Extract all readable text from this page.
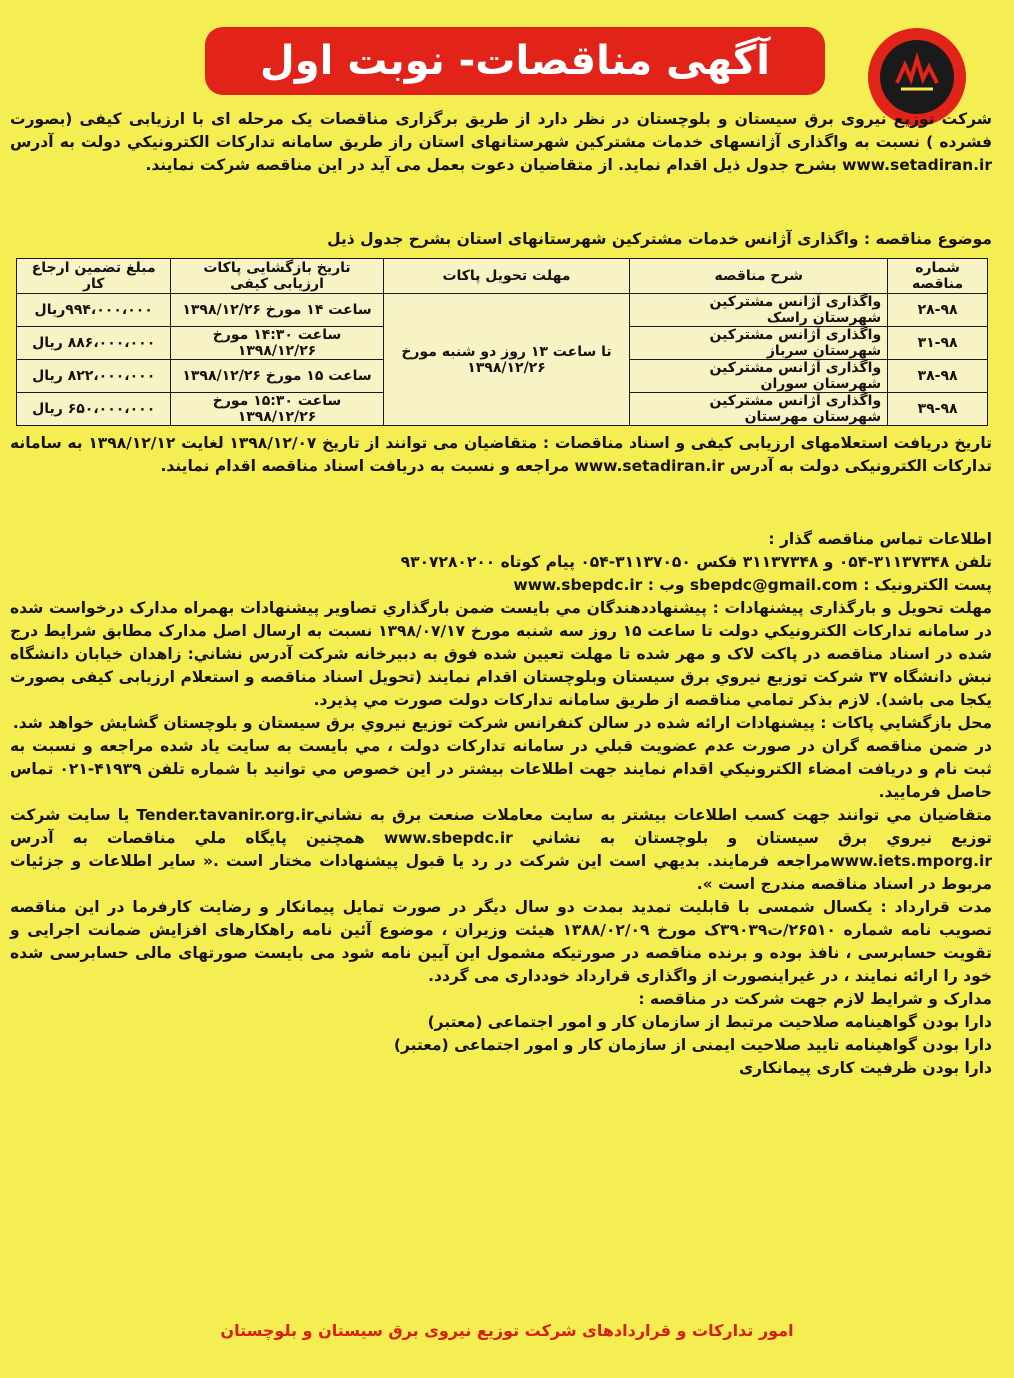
آگهی مناقصات- نوبت اول
شرکت توزیع نیروی برق سیستان و بلوچستان در نظر دارد از طریق برگزاری مناقصات یک مرحله ای با ارزیابی کیفی (بصورت فشرده ) نسبت به واگذاری آژانسهای خدمات مشترکین شهرستانهای استان راز طریق سامانه تدارکات الکترونیکي دولت به آدرس www.setadiran.ir بشرح جدول ذیل اقدام نماید. از متقاضیان دعوت بعمل می آید در این مناقصه شرکت نمایند.
موضوع مناقصه : واگذاری آژانس خدمات مشترکین شهرستانهای استان بشرح جدول ذیل
شماره مناقصه	شرح مناقصه	مهلت تحویل پاکات	تاریخ بازگشایی پاکات ارزیابی کیفی	مبلغ تضمین ارجاع کار
۲۸-۹۸	واگذاری آژانس مشترکین شهرستان راسک	تا ساعت ۱۳ روز دو شنبه مورخ ۱۳۹۸/۱۲/۲۶	ساعت ۱۴ مورخ ۱۳۹۸/۱۲/۲۶	۹۹۴،۰۰۰،۰۰۰ریال
۳۱-۹۸	واگذاری آژانس مشترکین شهرستان سرباز		ساعت ۱۴:۳۰ مورخ ۱۳۹۸/۱۲/۲۶	۸۸۶،۰۰۰،۰۰۰ ریال
۳۸-۹۸	واگذاری آژانس مشترکین شهرستان سوران		ساعت ۱۵ مورخ ۱۳۹۸/۱۲/۲۶	۸۲۲،۰۰۰،۰۰۰ ریال
۳۹-۹۸	واگذاری آژانس مشترکین شهرستان مهرستان		ساعت ۱۵:۳۰ مورخ ۱۳۹۸/۱۲/۲۶	۶۵۰،۰۰۰،۰۰۰ ریال
تاریخ دریافت استعلامهای ارزیابی کیفی و اسناد مناقصات : متقاضیان می توانند از تاریخ ۱۳۹۸/۱۲/۰۷ لغایت ۱۳۹۸/۱۲/۱۲ به سامانه تدارکات الکترونیکی دولت به آدرس www.setadiran.ir مراجعه و نسبت به دریافت اسناد مناقصه اقدام نمایند.
اطلاعات تماس مناقصه گذار :
تلفن ۳۱۱۳۷۳۴۸-۰۵۴ و ۳۱۱۳۷۳۴۸ فکس ۳۱۱۳۷۰۵۰-۰۵۴ پیام کوتاه ۹۳۰۷۲۸۰۲۰۰
پست الکترونیک : sbepdc@gmail.com وب : www.sbepdc.ir
مهلت تحویل و بارگذاری پیشنهادات : پیشنهاددهندگان مي بايست ضمن بارگذاري تصاوير پيشنهادات بهمراه مدارک درخواست شده در سامانه تدارکات الکترونيکي دولت تا ساعت ۱۵ روز سه شنبه مورخ ۱۳۹۸/۰۷/۱۷ نسبت به ارسال اصل مدارک مطابق شرایط درج شده در اسناد مناقصه در پاکت لاک و مهر شده تا مهلت تعیین شده فوق به دبیرخانه شرکت آدرس نشاني: زاهدان خيابان دانشگاه نبش دانشگاه ۳۷ شرکت توزيع نيروي برق سيستان وبلوچستان اقدام نمايند (تحويل اسناد مناقصه و استعلام ارزیابی کیفی بصورت یکجا می باشد). لازم بذکر تمامي مناقصه از طريق سامانه تدارکات دولت صورت مي پذيرد.
محل بازگشايي پاکات : پيشنهادات ارائه شده در سالن کنفرانس شرکت توزيع نيروي برق سيستان و بلوچستان گشايش خواهد شد.
در ضمن مناقصه گران در صورت عدم عضويت قبلي در سامانه تدارکات دولت ، مي بايست به سايت ياد شده مراجعه و نسبت به ثبت نام و دريافت امضاء الکترونيکي اقدام نمايند جهت اطلاعات بيشتر در اين خصوص مي توانيد با شماره تلفن ۴۱۹۳۹-۰۲۱ تماس حاصل فرماييد.
متقاضيان مي توانند جهت کسب اطلاعات بيشتر به سايت معاملات صنعت برق به نشانيTender.tavanir.org.ir يا سايت شرکت توزيع نيروي برق سيستان و بلوچستان به نشاني www.sbepdc.ir همچنين پايگاه ملي مناقصات به آدرس www.iets.mporg.irمراجعه فرمايند. بديهي است اين شرکت در رد يا قبول پيشنهادات مختار است .« ساير اطلاعات و جزئيات مربوط در اسناد مناقصه مندرج است ».
مدت قرارداد : يکسال شمسی با قابليت تمديد بمدت دو سال ديگر در صورت تمايل پيمانکار و رضايت کارفرما در اين مناقصه تصويب نامه شماره ۲۶۵۱۰/ت۳۹۰۳۹ک مورخ ۱۳۸۸/۰۲/۰۹ هيئت وزيران ، موضوع آئين نامه راهکارهای افزايش ضمانت اجرايی و تقويت حسابرسی ، نافذ بوده و برنده مناقصه در صورتيکه مشمول اين آيين نامه شود می بايست صورتهای مالی حسابرسی شده خود را ارائه نمايند ، در غيراينصورت از واگذاری قرارداد خودداری می گردد.
مدارک و شرايط لازم جهت شرکت در مناقصه :
دارا بودن گواهينامه صلاحيت مرتبط از سازمان کار و امور اجتماعی (معتبر)
دارا بودن گواهينامه تاييد صلاحيت ايمنی از سازمان کار و امور اجتماعی (معتبر)
دارا بودن ظرفيت کاری پيمانکاری
امور تدارکات و قراردادهای شرکت توزیع نیروی برق سیستان و بلوچستان
